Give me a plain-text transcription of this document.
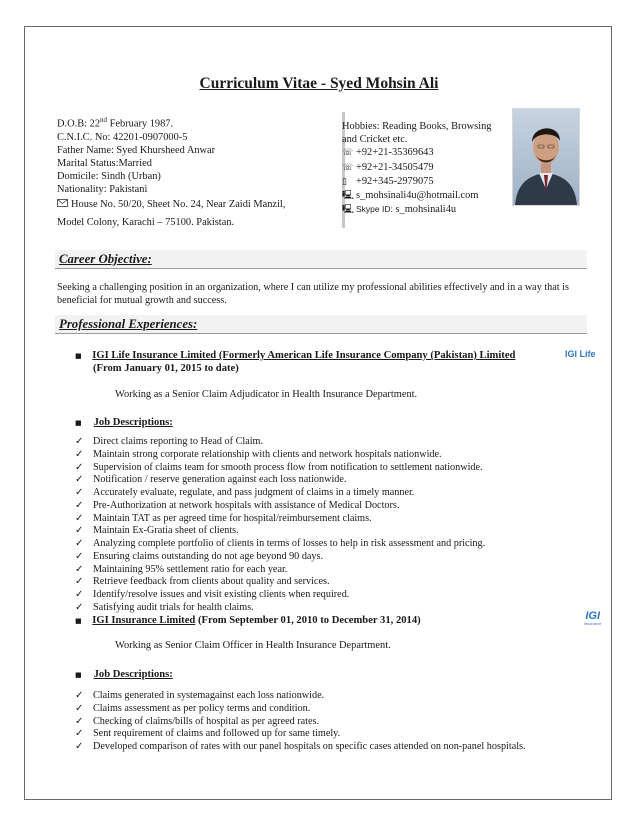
Curriculum Vitae - Syed Mohsin Ali
D.O.B: 22nd February 1987.
C.N.I.C. No: 42201-0907000-5
Father Name: Syed Khursheed Anwar
Marital Status:Married
Domicile: Sindh (Urban)
Nationality: Pakistani
House No. 50/20, Sheet No. 24, Near Zaidi Manzil,
Model Colony, Karachi – 75100. Pakistan.
Hobbies: Reading Books, Browsing
and Cricket etc.
☏ +92+21-35369643
☏ +92+21-34505479
▯ +92+345-2979075
🖳 s_mohsinali4u@hotmail.com
🖳 Skype ID: s_mohsinali4u
Career Objective:
Seeking a challenging position in an organization, where I can utilize my professional abilities effectively and in a way that is beneficial for mutual growth and success.
Professional Experiences:
■ IGI Life Insurance Limited (Formerly American Life Insurance Company (Pakistan) Limited
(From January 01, 2015 to date)
IGI Life
Working as a Senior Claim Adjudicator in Health Insurance Department.
■ Job Descriptions:
✓ Direct claims reporting to Head of Claim.
✓ Maintain strong corporate relationship with clients and network hospitals nationwide.
✓ Supervision of claims team for smooth process flow from notification to settlement nationwide.
✓ Notification / reserve generation against each loss nationwide.
✓ Accurately evaluate, regulate, and pass judgment of claims in a timely manner.
✓ Pre-Authorization at network hospitals with assistance of Medical Doctors.
✓ Maintain TAT as per agreed time for hospital/reimbursement claims.
✓ Maintain Ex-Gratia sheet of clients.
✓ Analyzing complete portfolio of clients in terms of losses to help in risk assessment and pricing.
✓ Ensuring claims outstanding do not age beyond 90 days.
✓ Maintaining 95% settlement ratio for each year.
✓ Retrieve feedback from clients about quality and services.
✓ Identify/resolve issues and visit existing clients when required.
✓ Satisfying audit trials for health claims.
■ IGI Insurance Limited (From September 01, 2010 to December 31, 2014)	IGI
insurance
Working as Senior Claim Officer in Health Insurance Department.
■ Job Descriptions:
✓ Claims generated in systemagainst each loss nationwide.
✓ Claims assessment as per policy terms and condition.
✓ Checking of claims/bills of hospital as per agreed rates.
✓ Sent requirement of claims and followed up for same timely.
✓ Developed comparison of rates with our panel hospitals on specific cases attended on non-panel hospitals.
